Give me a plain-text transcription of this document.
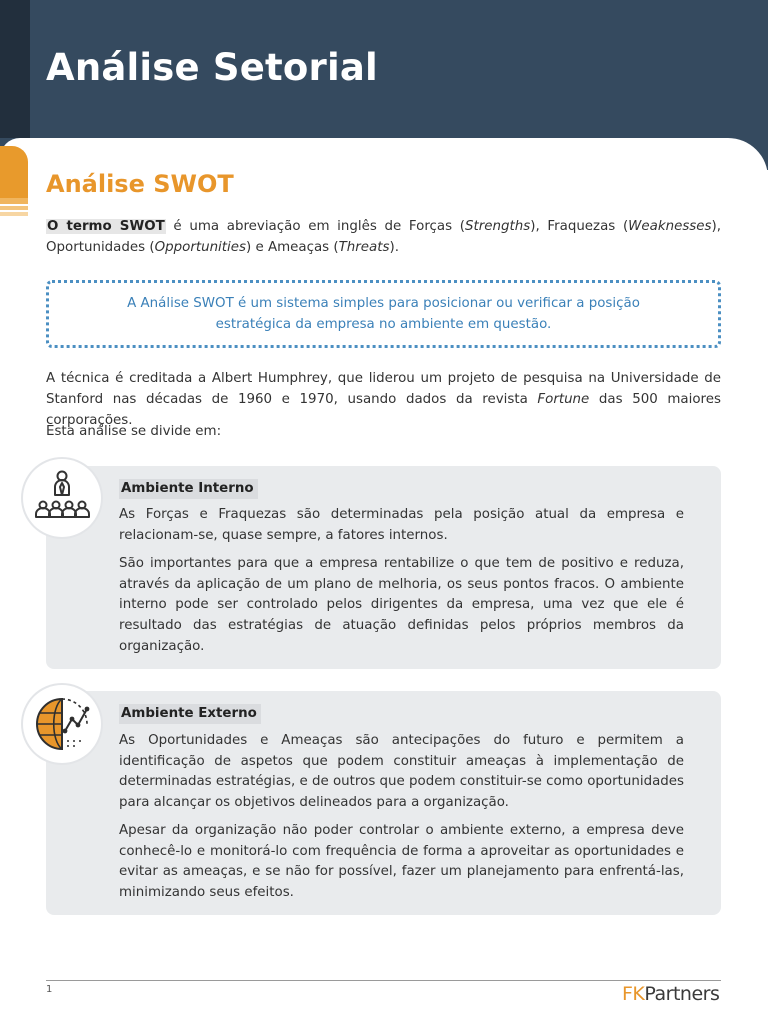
Análise Setorial
Análise SWOT

O termo SWOT é uma abreviação em inglês de Forças (Strengths), Fraquezas (Weaknesses), Oportunidades (Opportunities) e Ameaças (Threats).

A Análise SWOT é um sistema simples para posicionar ou verificar a posição estratégica da empresa no ambiente em questão.

A técnica é creditada a Albert Humphrey, que liderou um projeto de pesquisa na Universidade de Stanford nas décadas de 1960 e 1970, usando dados da revista Fortune das 500 maiores corporações.

Esta análise se divide em:

Ambiente Interno

As Forças e Fraquezas são determinadas pela posição atual da empresa e relacionam-se, quase sempre, a fatores internos.

São importantes para que a empresa rentabilize o que tem de positivo e reduza, através da aplicação de um plano de melhoria, os seus pontos fracos. O ambiente interno pode ser controlado pelos dirigentes da empresa, uma vez que ele é resultado das estratégias de atuação definidas pelos próprios membros da organização.

Ambiente Externo

As Oportunidades e Ameaças são antecipações do futuro e permitem a identificação de aspetos que podem constituir ameaças à implementação de determinadas estratégias, e de outros que podem constituir-se como oportunidades para alcançar os objetivos delineados para a organização.

Apesar da organização não poder controlar o ambiente externo, a empresa deve conhecê-lo e monitorá-lo com frequência de forma a aproveitar as oportunidades e evitar as ameaças, e se não for possível, fazer um planejamento para enfrentá-las, minimizando seus efeitos.

1	FKPartners
